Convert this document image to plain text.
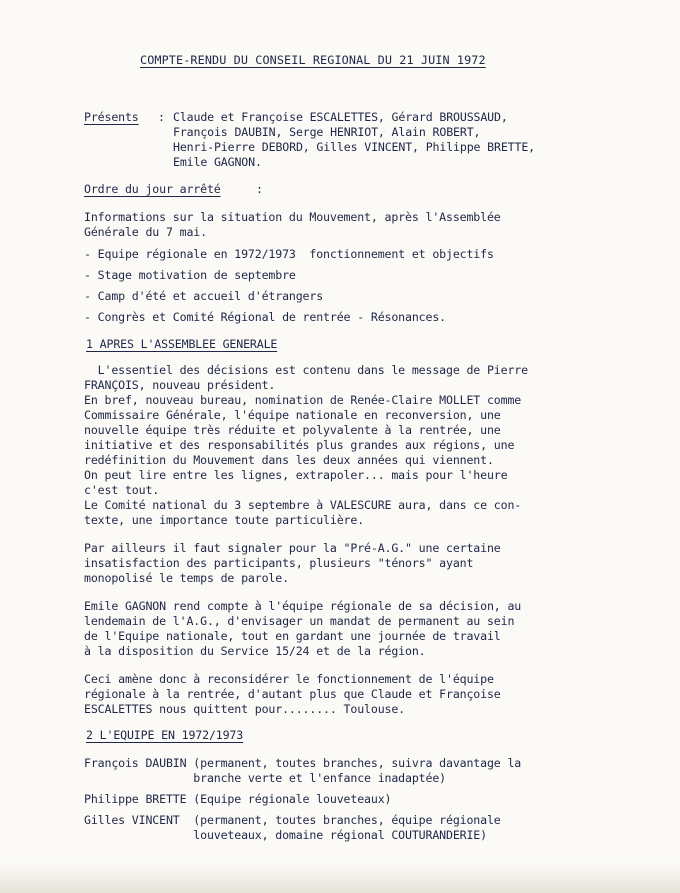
COMPTE-RENDU DU CONSEIL REGIONAL DU 21 JUIN 1972
Présents : Claude et Françoise ESCALETTES, Gérard BROUSSAUD,
François DAUBIN, Serge HENRIOT, Alain ROBERT,
Henri-Pierre DEBORD, Gilles VINCENT, Philippe BRETTE,
Emile GAGNON.
Ordre du jour arrêté	:
Informations sur la situation du Mouvement, après l'Assemblée
Générale du 7 mai.
- Equipe régionale en 1972/1973  fonctionnement et objectifs
- Stage motivation de septembre
- Camp d'été et accueil d'étrangers
- Congrès et Comité Régional de rentrée - Résonances.
1 APRES L'ASSEMBLEE GENERALE
L'essentiel des décisions est contenu dans le message de Pierre
FRANÇOIS, nouveau président.
En bref, nouveau bureau, nomination de Renée-Claire MOLLET comme
Commissaire Générale, l'équipe nationale en reconversion, une
nouvelle équipe très réduite et polyvalente à la rentrée, une
initiative et des responsabilités plus grandes aux régions, une
redéfinition du Mouvement dans les deux années qui viennent.
On peut lire entre les lignes, extrapoler... mais pour l'heure
c'est tout.
Le Comité national du 3 septembre à VALESCURE aura, dans ce con-
texte, une importance toute particulière.
Par ailleurs il faut signaler pour la "Pré-A.G." une certaine
insatisfaction des participants, plusieurs "ténors" ayant
monopolisé le temps de parole.
Emile GAGNON rend compte à l'équipe régionale de sa décision, au
lendemain de l'A.G., d'envisager un mandat de permanent au sein
de l'Equipe nationale, tout en gardant une journée de travail
à la disposition du Service 15/24 et de la région.
Ceci amène donc à reconsidérer le fonctionnement de l'équipe
régionale à la rentrée, d'autant plus que Claude et Françoise
ESCALETTES nous quittent pour........ Toulouse.
2 L'EQUIPE EN 1972/1973
François DAUBIN (permanent, toutes branches, suivra davantage la
branche verte et l'enfance inadaptée)
Philippe BRETTE (Equipe régionale louveteaux)
Gilles VINCENT  (permanent, toutes branches, équipe régionale
louveteaux, domaine régional COUTURANDERIE)
